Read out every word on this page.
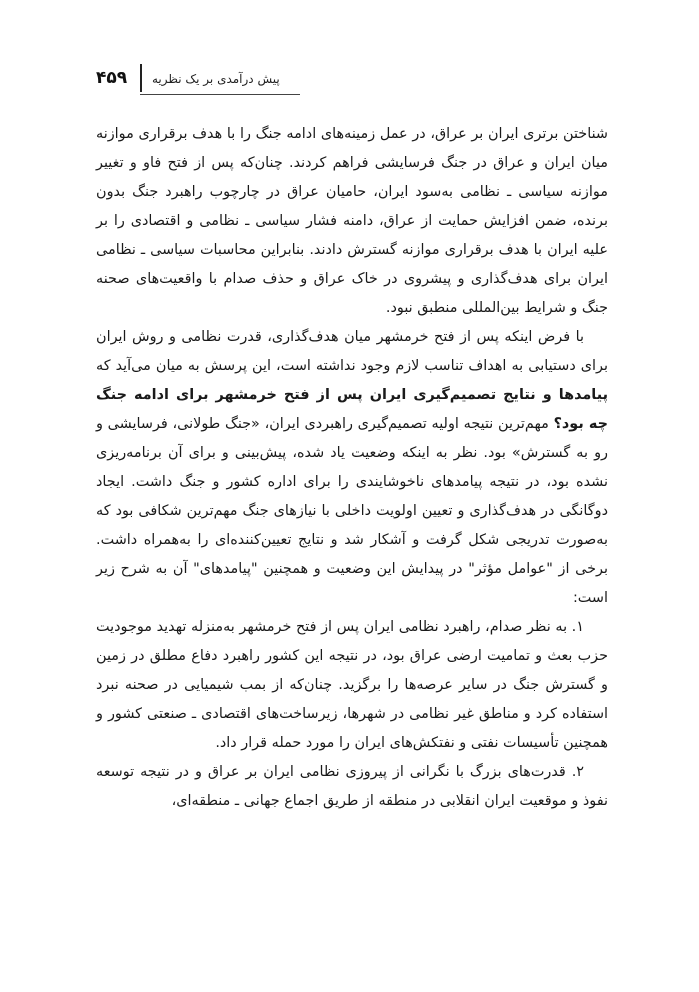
۴۵۹ پیش درآمدی بر یک نظریه

شناختن برتری ایران بر عراق، در عمل زمینه‌های ادامه جنگ را با هدف برقراری موازنه میان ایران و عراق در جنگ فرسایشی فراهم کردند. چنان‌که پس از فتح فاو و تغییر موازنه سیاسی ـ نظامی به‌سود ایران، حامیان عراق در چارچوب راهبرد جنگ بدون برنده، ضمن افزایش حمایت از عراق، دامنه فشار سیاسی ـ نظامی و اقتصادی را بر علیه ایران با هدف برقراری موازنه گسترش دادند. بنابراین محاسبات سیاسی ـ نظامی ایران برای هدف‌گذاری و پیشروی در خاک عراق و حذف صدام با واقعیت‌های صحنه جنگ و شرایط بین‌المللی منطبق نبود.

با فرض اینکه پس از فتح خرمشهر میان هدف‌گذاری، قدرت نظامی و روش ایران برای دستیابی به اهداف تناسب لازم وجود نداشته است، این پرسش به میان می‌آید که پیامدها و نتایج تصمیم‌گیری ایران پس از فتح خرمشهر برای ادامه جنگ چه بود؟ مهم‌ترین نتیجه اولیه تصمیم‌گیری راهبردی ایران، «جنگ طولانی، فرسایشی و رو به گسترش» بود. نظر به اینکه وضعیت یاد شده، پیش‌بینی و برای آن برنامه‌ریزی نشده بود، در نتیجه پیامدهای ناخوشایندی را برای اداره کشور و جنگ داشت. ایجاد دوگانگی در هدف‌گذاری و تعیین اولویت داخلی با نیازهای جنگ مهم‌ترین شکافی بود که به‌صورت تدریجی شکل گرفت و آشکار شد و نتایج تعیین‌کننده‌ای را به‌همراه داشت. برخی از "عوامل مؤثر" در پیدایش این وضعیت و همچنین "پیامدهای" آن به شرح زیر است:

۱. به نظر صدام، راهبرد نظامی ایران پس از فتح خرمشهر به‌منزله تهدید موجودیت حزب بعث و تمامیت ارضی عراق بود، در نتیجه این کشور راهبرد دفاع مطلق در زمین و گسترش جنگ در سایر عرصه‌ها را برگزید. چنان‌که از بمب شیمیایی در صحنه نبرد استفاده کرد و مناطق غیر نظامی در شهرها، زیرساخت‌های اقتصادی ـ صنعتی کشور و همچنین تأسیسات نفتی و نفتکش‌های ایران را مورد حمله قرار داد.

۲. قدرت‌های بزرگ با نگرانی از پیروزی نظامی ایران بر عراق و در نتیجه توسعه نفوذ و موقعیت ایران انقلابی در منطقه از طریق اجماع جهانی ـ منطقه‌ای،
